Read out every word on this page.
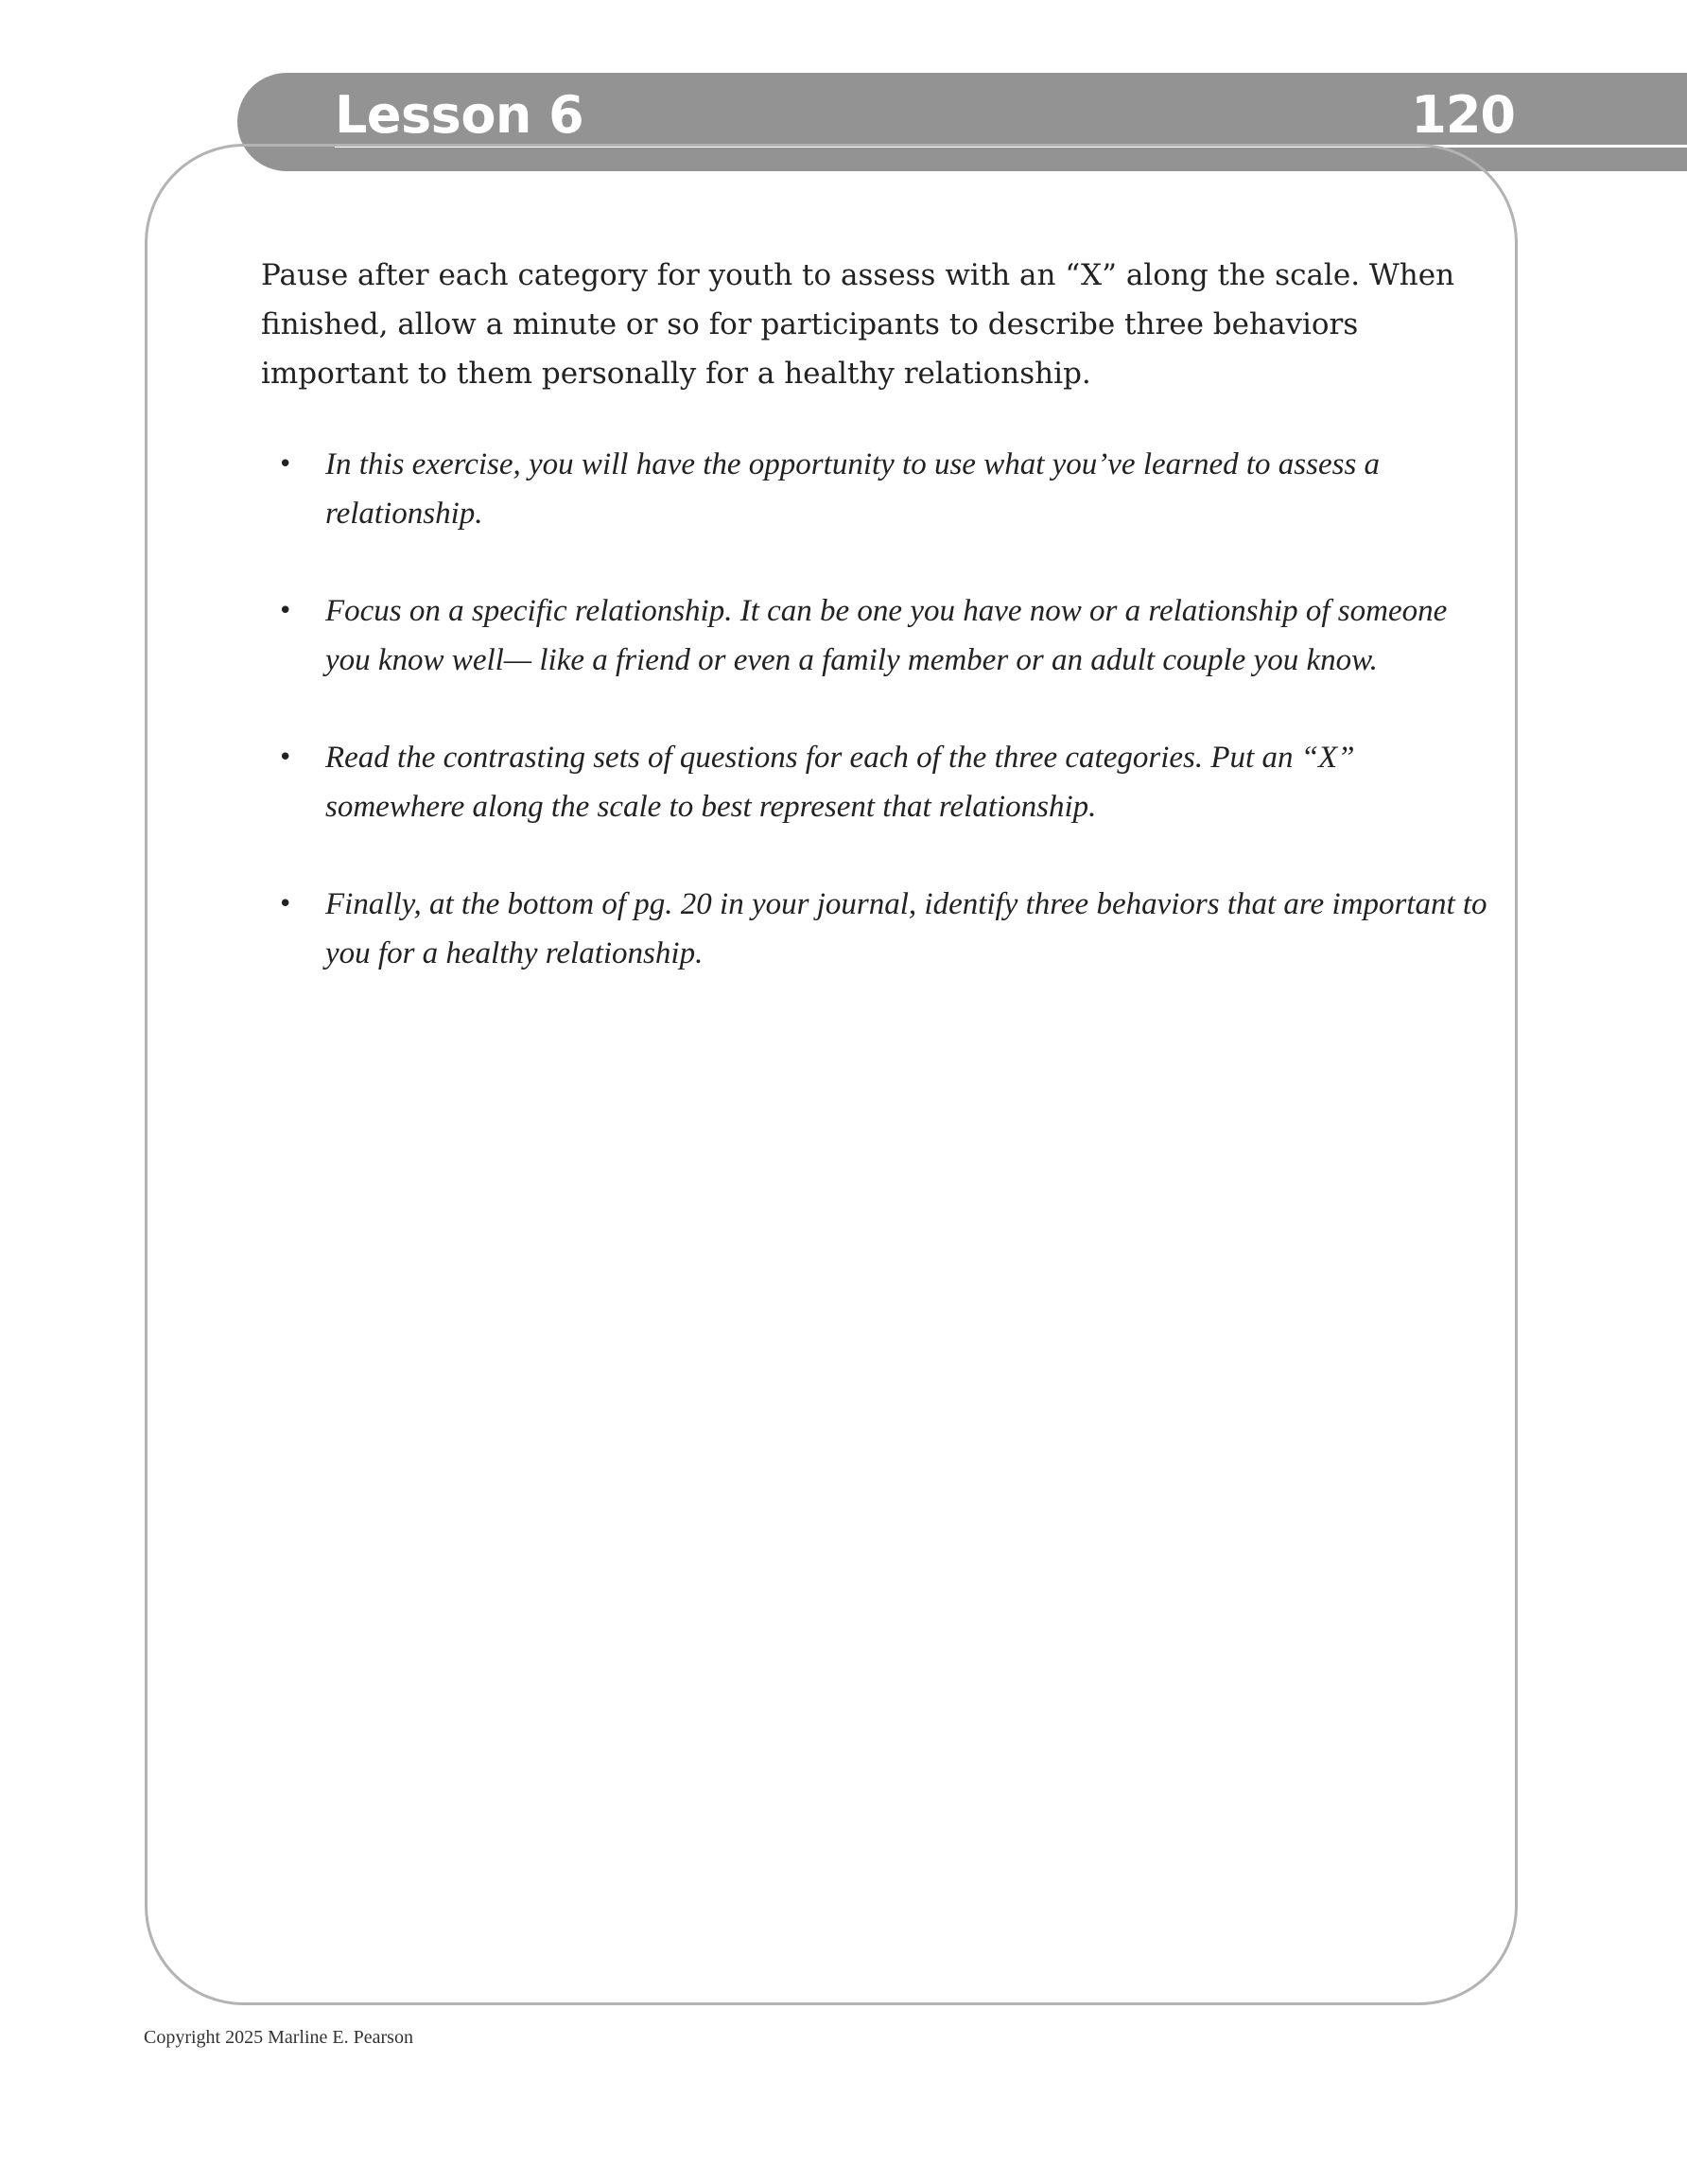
Lesson 6	120

Pause after each category for youth to assess with an “X” along the scale. When finished, allow a minute or so for participants to describe three behaviors important to them personally for a healthy relationship.

• In this exercise, you will have the opportunity to use what you’ve learned to assess a relationship.
• Focus on a specific relationship. It can be one you have now or a relationship of someone you know well— like a friend or even a family member or an adult couple you know.
• Read the contrasting sets of questions for each of the three categories. Put an “X” somewhere along the scale to best represent that relationship.
• Finally, at the bottom of pg. 20 in your journal, identify three behaviors that are important to you for a healthy relationship.
Copyright 2025 Marline E. Pearson
